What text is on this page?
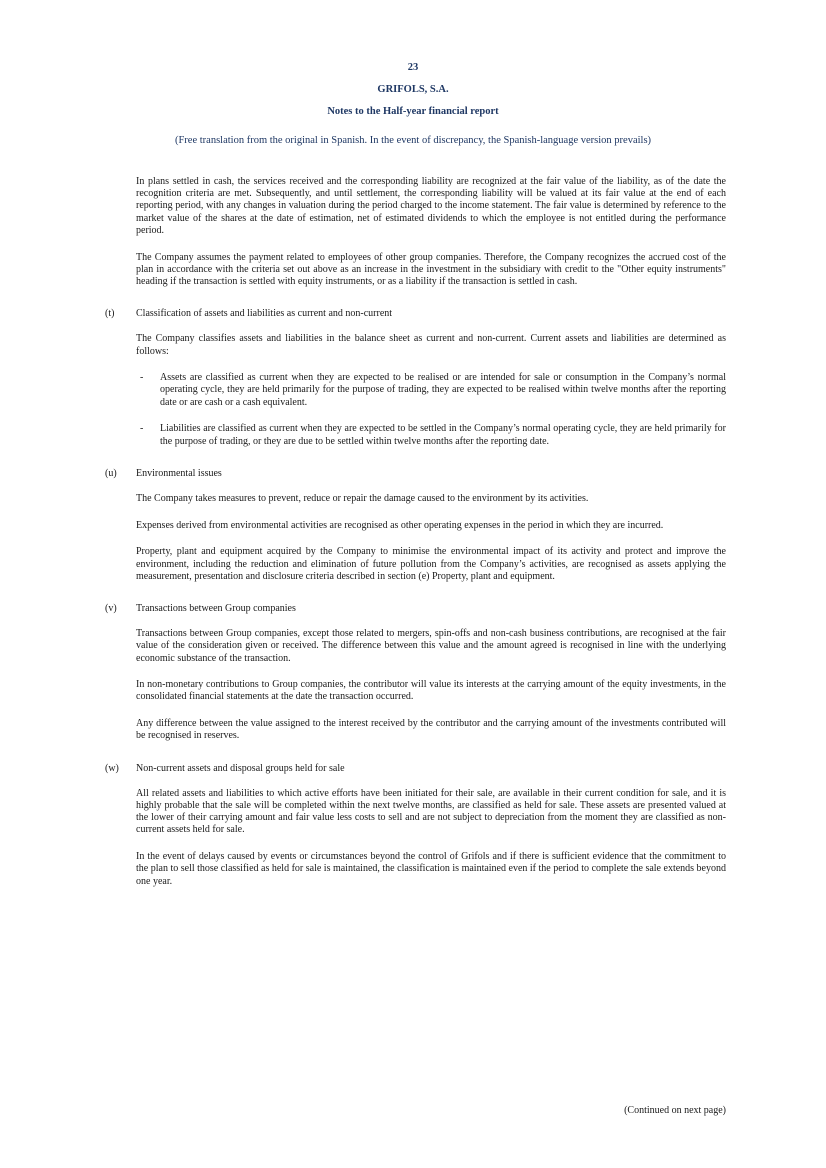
23
GRIFOLS, S.A.
Notes to the Half-year financial report
(Free translation from the original in Spanish. In the event of discrepancy, the Spanish-language version prevails)

In plans settled in cash, the services received and the corresponding liability are recognized at the fair value of the liability, as of the date the recognition criteria are met. Subsequently, and until settlement, the corresponding liability will be valued at its fair value at the end of each reporting period, with any changes in valuation during the period charged to the income statement. The fair value is determined by reference to the market value of the shares at the date of estimation, net of estimated dividends to which the employee is not entitled during the performance period.

The Company assumes the payment related to employees of other group companies. Therefore, the Company recognizes the accrued cost of the plan in accordance with the criteria set out above as an increase in the investment in the subsidiary with credit to the "Other equity instruments" heading if the transaction is settled with equity instruments, or as a liability if the transaction is settled in cash.

(t) Classification of assets and liabilities as current and non-current

The Company classifies assets and liabilities in the balance sheet as current and non-current. Current assets and liabilities are determined as follows:

- Assets are classified as current when they are expected to be realised or are intended for sale or consumption in the Company’s normal operating cycle, they are held primarily for the purpose of trading, they are expected to be realised within twelve months after the reporting date or are cash or a cash equivalent.
- Liabilities are classified as current when they are expected to be settled in the Company’s normal operating cycle, they are held primarily for the purpose of trading, or they are due to be settled within twelve months after the reporting date.
(u) Environmental issues

The Company takes measures to prevent, reduce or repair the damage caused to the environment by its activities.

Expenses derived from environmental activities are recognised as other operating expenses in the period in which they are incurred.

Property, plant and equipment acquired by the Company to minimise the environmental impact of its activity and protect and improve the environment, including the reduction and elimination of future pollution from the Company’s activities, are recognised as assets applying the measurement, presentation and disclosure criteria described in section (e) Property, plant and equipment.

(v) Transactions between Group companies

Transactions between Group companies, except those related to mergers, spin-offs and non-cash business contributions, are recognised at the fair value of the consideration given or received. The difference between this value and the amount agreed is recognised in line with the underlying economic substance of the transaction.

In non-monetary contributions to Group companies, the contributor will value its interests at the carrying amount of the equity investments, in the consolidated financial statements at the date the transaction occurred.

Any difference between the value assigned to the interest received by the contributor and the carrying amount of the investments contributed will be recognised in reserves.

(w) Non-current assets and disposal groups held for sale

All related assets and liabilities to which active efforts have been initiated for their sale, are available in their current condition for sale, and it is highly probable that the sale will be completed within the next twelve months, are classified as held for sale. These assets are presented valued at the lower of their carrying amount and fair value less costs to sell and are not subject to depreciation from the moment they are classified as non-current assets held for sale.

In the event of delays caused by events or circumstances beyond the control of Grifols and if there is sufficient evidence that the commitment to the plan to sell those classified as held for sale is maintained, the classification is maintained even if the period to complete the sale extends beyond one year.

(Continued on next page)
